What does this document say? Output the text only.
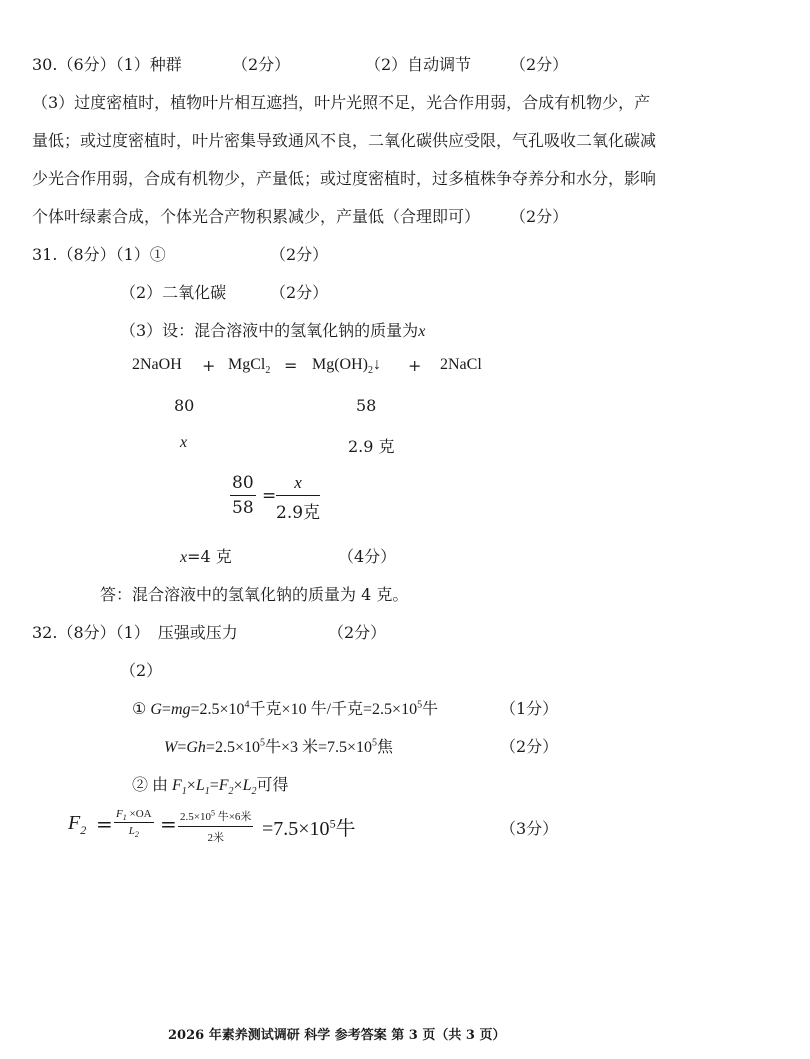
30.（6分）（1）种群	（2分）	（2）自动调节 （2分）
（3）过度密植时，植物叶片相互遮挡，叶片光照不足，光合作用弱，合成有机物少，产
量低；或过度密植时，叶片密集导致通风不良，二氧化碳供应受限，气孔吸收二氧化碳减
少光合作用弱，合成有机物少，产量低；或过度密植时，过多植株争夺养分和水分，影响
个体叶绿素合成，个体光合产物积累减少，产量低（合理即可） （2分）
31.（8分）（1）①	（2分）
（2）二氧化碳	（2分）
（3）设：混合溶液中的氢氧化钠的质量为x
2NaOH + MgCl$_2$ = $Mg(OH)_2↓$ + 2NaCl
80	58
x	2.9 克
$\frac{80}{58}$ =
x
2.9克
x=4 克	（4分）
答：混合溶液中的氢氧化钠的质量为 4 克。
32.（8分）（1）　压强或压力	（2分）
（2）
① $G=mg=2.5\times 10^4$千克×10 牛/千克$=2.5\times 10^5$牛	（1分）
$W=Gh=2.5\times 10^5$牛×3 米$=7.5\times 10^5$焦	（2分）
② 由 $F_1\times L_1=F_2\times L_2$可得
$F_2 = \frac{F_1 \times OA}{L_2} = 2.5\times 10^5$ 牛×6米
2米	$=7.5\times 10^5$牛	（3分）
2026 年素养测试调研 科学 参考答案 第 3 页（共 3 页）
